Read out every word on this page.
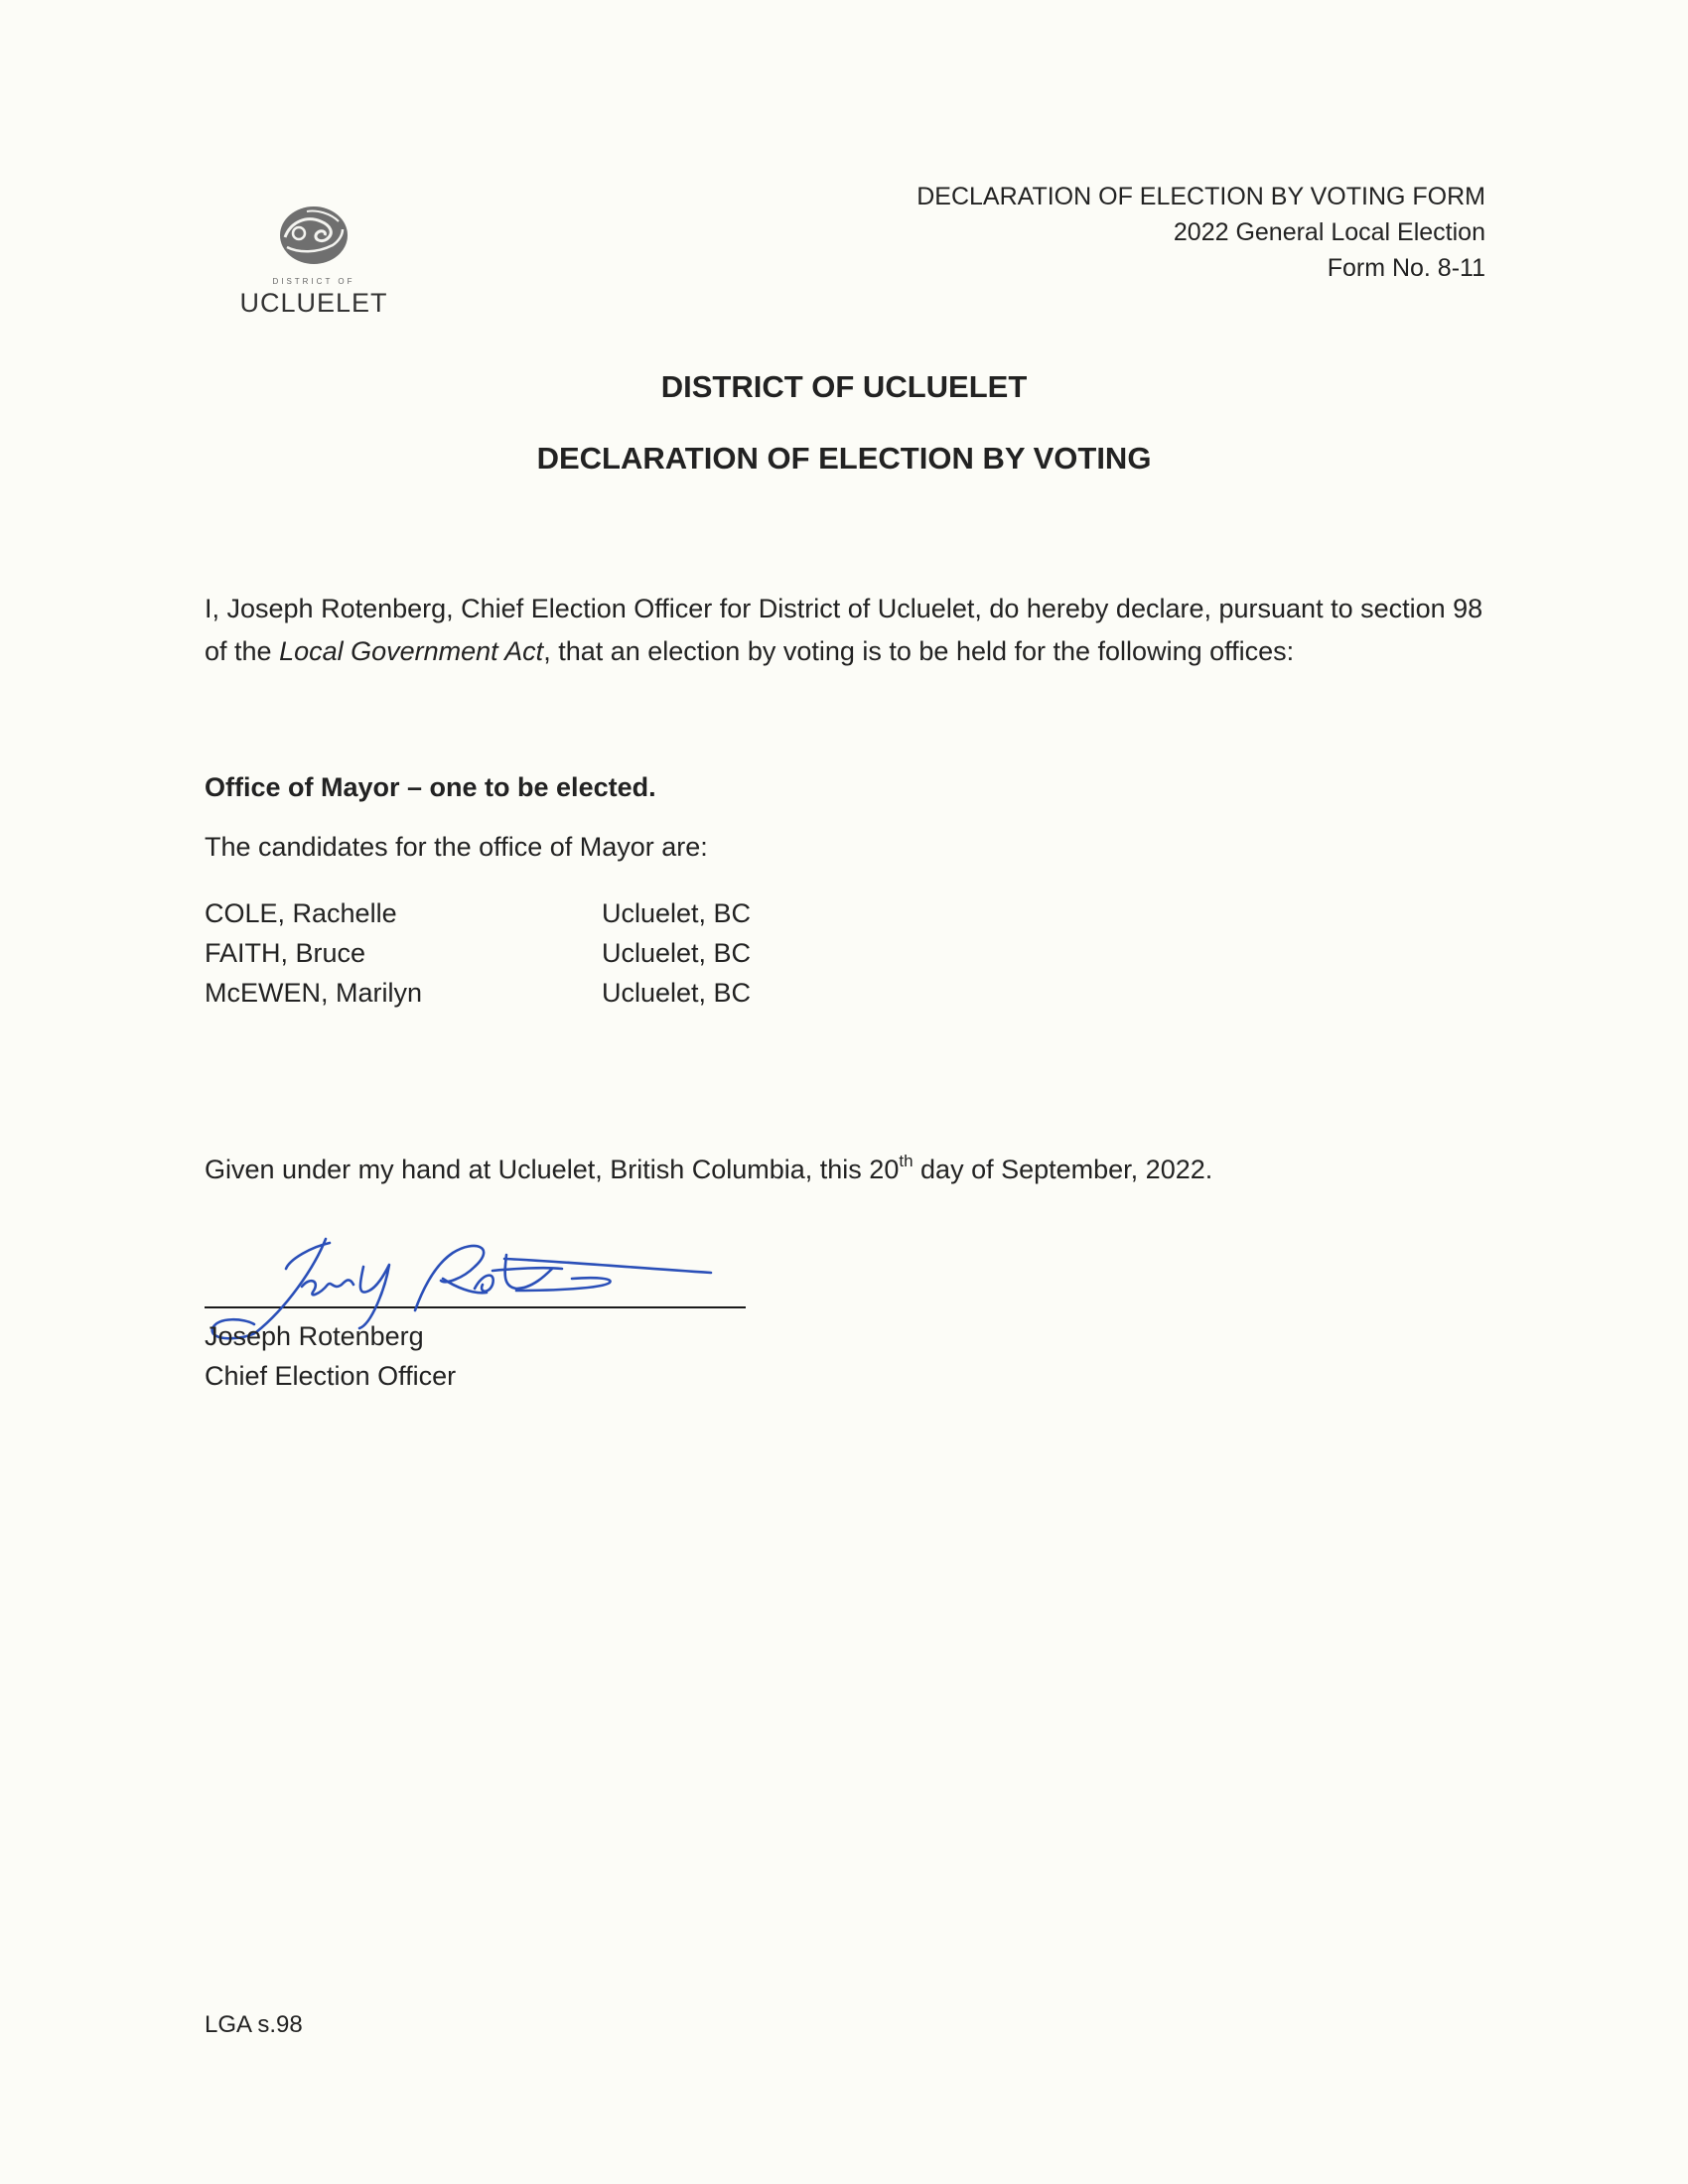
DISTRICT OF
UCLUELET
DECLARATION OF ELECTION BY VOTING FORM
2022 General Local Election
Form No. 8-11
DISTRICT OF UCLUELET
DECLARATION OF ELECTION BY VOTING
I, Joseph Rotenberg, Chief Election Officer for District of Ucluelet, do hereby declare, pursuant to section 98 of the Local Government Act, that an election by voting is to be held for the following offices:
Office of Mayor – one to be elected.
The candidates for the office of Mayor are:
COLE, Rachelle	Ucluelet, BC
FAITH, Bruce	Ucluelet, BC
McEWEN, Marilyn	Ucluelet, BC
Given under my hand at Ucluelet, British Columbia, this 20th day of September, 2022.
Joseph Rotenberg
Chief Election Officer
LGA s.98
